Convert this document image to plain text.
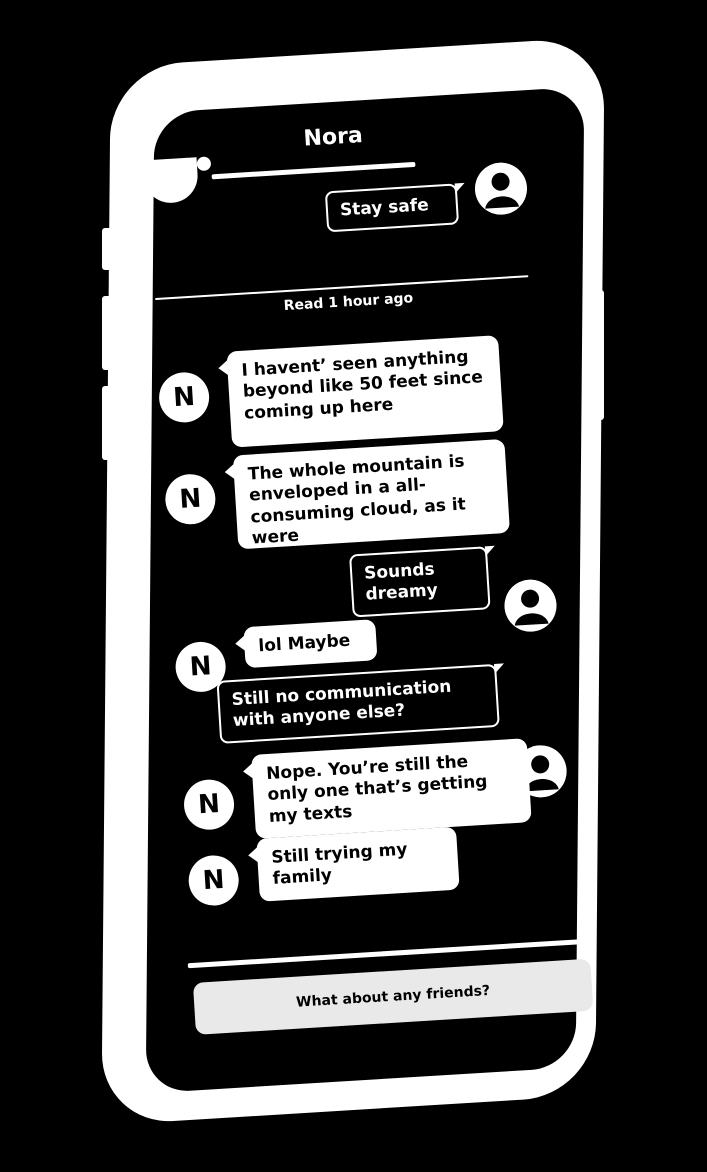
Nora
Stay safe
Read 1 hour ago
N
I havent’ seen anything beyond like 50 feet since coming up here
N
The whole mountain is enveloped in a all-consuming cloud, as it were
Sounds dreamy
N
lol Maybe
Still no communication with anyone else?
N
Nope. You’re still the only one that’s getting my texts
N
Still trying my family
What about any friends?
